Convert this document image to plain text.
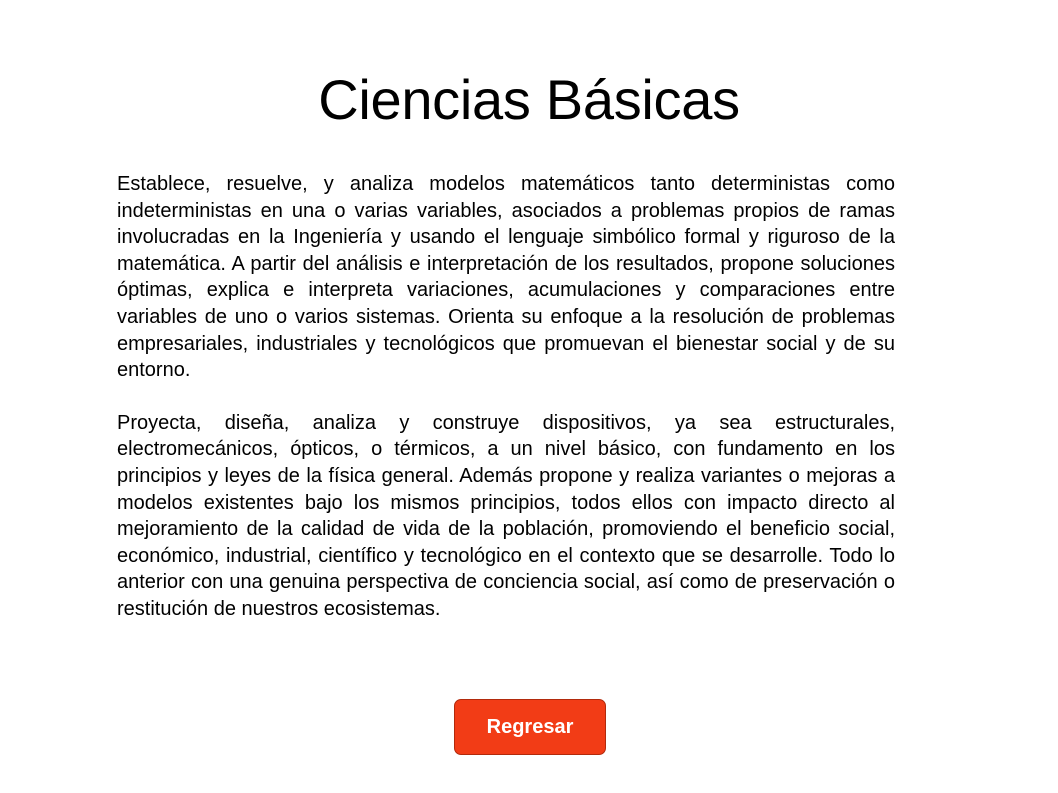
Ciencias Básicas

Establece, resuelve, y analiza modelos matemáticos tanto deterministas como indeterministas en una o varias variables, asociados a problemas propios de ramas involucradas en la Ingeniería y usando el lenguaje simbólico formal y riguroso de la matemática. A partir del análisis e interpretación de los resultados, propone soluciones óptimas, explica e interpreta variaciones, acumulaciones y comparaciones entre variables de uno o varios sistemas. Orienta su enfoque a la resolución de problemas empresariales, industriales y tecnológicos que promuevan el bienestar social y de su entorno.

Proyecta, diseña, analiza y construye dispositivos, ya sea estructurales, electromecánicos, ópticos, o térmicos, a un nivel básico, con fundamento en los principios y leyes de la física general. Además propone y realiza variantes o mejoras a modelos existentes bajo los mismos principios, todos ellos con impacto directo al mejoramiento de la calidad de vida de la población, promoviendo el beneficio social, económico, industrial, científico y tecnológico en el contexto que se desarrolle. Todo lo anterior con una genuina perspectiva de conciencia social, así como de preservación o restitución de nuestros ecosistemas.

Regresar
